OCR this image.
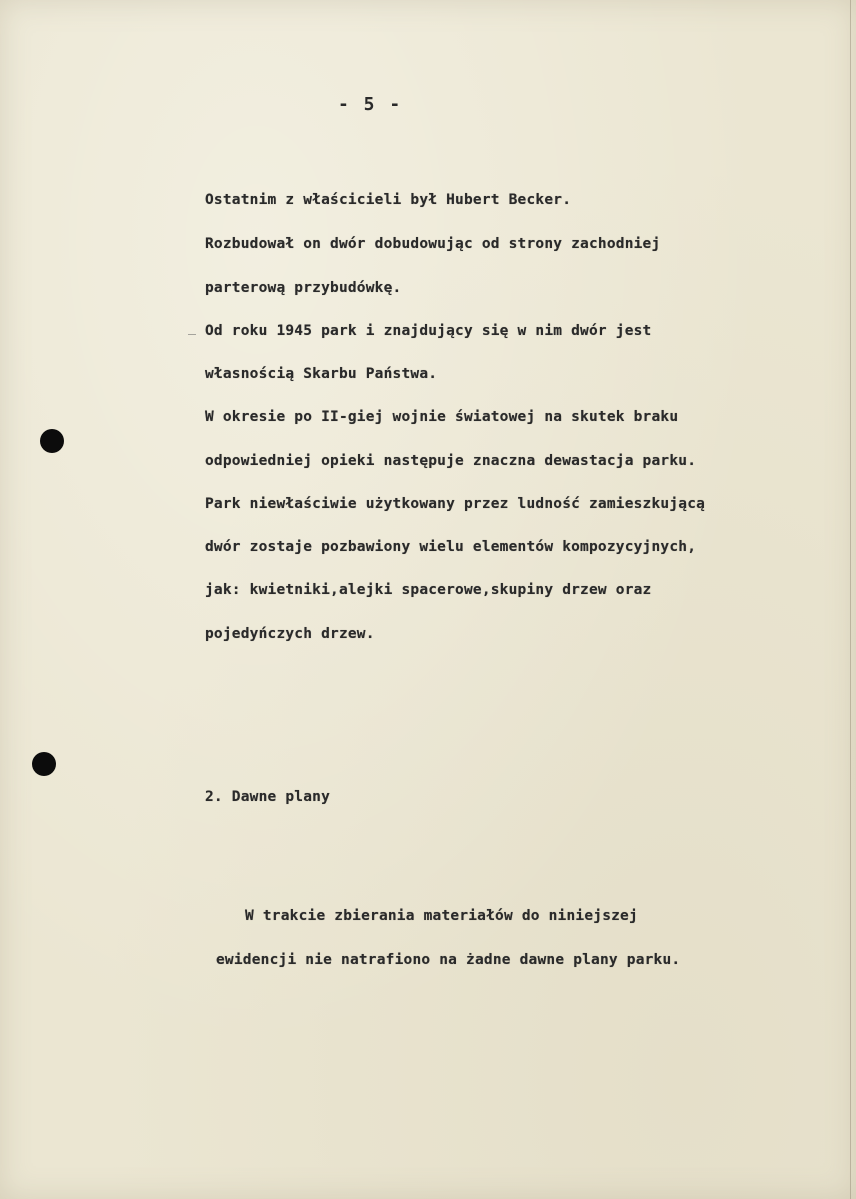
- 5 -

Ostatnim z właścicieli był Hubert Becker.

Rozbudował on dwór dobudowując od strony zachodniej

parterową przybudówkę.

Od roku 1945 park i znajdujący się w nim dwór jest

własnością Skarbu Państwa.

W okresie po II-giej wojnie światowej na skutek braku

odpowiedniej opieki następuje znaczna dewastacja parku.

Park niewłaściwie użytkowany przez ludność zamieszkującą

dwór zostaje pozbawiony wielu elementów kompozycyjnych,

jak: kwietniki,alejki spacerowe,skupiny drzew oraz

pojedyńczych drzew.

2. Dawne plany

W trakcie zbierania materiałów do niniejszej

ewidencji nie natrafiono na żadne dawne plany parku.
